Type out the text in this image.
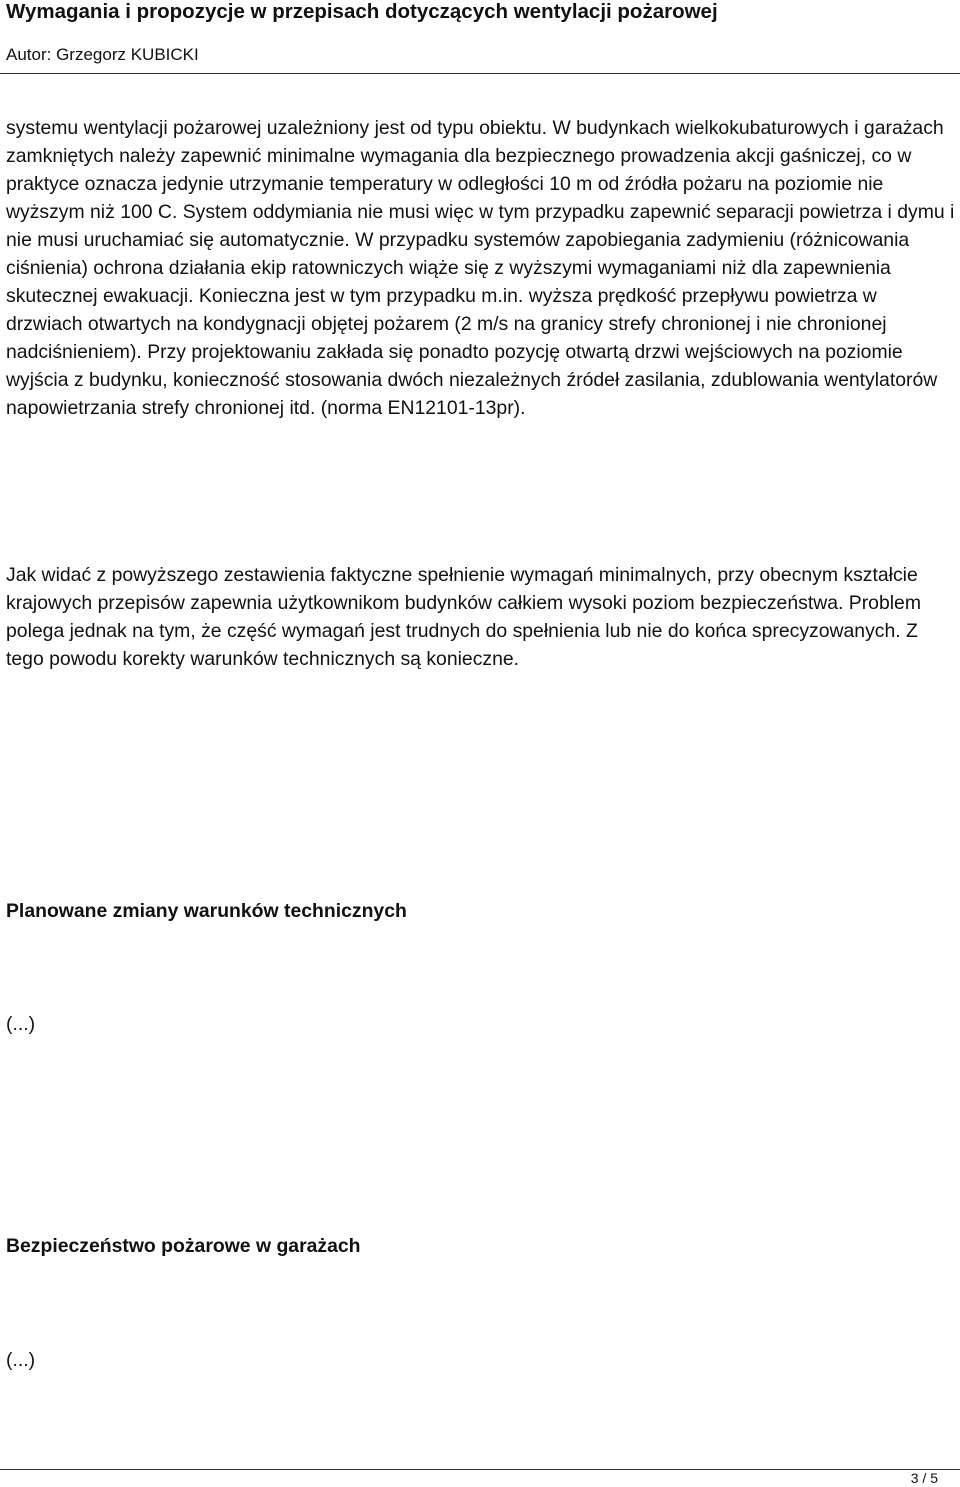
Wymagania i propozycje w przepisach dotyczących wentylacji pożarowej
Autor: Grzegorz KUBICKI

systemu wentylacji pożarowej uzależniony jest od typu obiektu. W budynkach wielkokubaturowych i garażach zamkniętych należy zapewnić minimalne wymagania dla bezpiecznego prowadzenia akcji gaśniczej, co w praktyce oznacza jedynie utrzymanie temperatury w odległości 10 m od źródła pożaru na poziomie nie wyższym niż 100 C. System oddymiania nie musi więc w tym przypadku zapewnić separacji powietrza i dymu i nie musi uruchamiać się automatycznie. W przypadku systemów zapobiegania zadymieniu (różnicowania ciśnienia) ochrona działania ekip ratowniczych wiąże się z wyższymi wymaganiami niż dla zapewnienia skutecznej ewakuacji. Konieczna jest w tym przypadku m.in. wyższa prędkość przepływu powietrza w drzwiach otwartych na kondygnacji objętej pożarem (2 m/s na granicy strefy chronionej i nie chronionej nadciśnieniem). Przy projektowaniu zakłada się ponadto pozycję otwartą drzwi wejściowych na poziomie wyjścia z budynku, konieczność stosowania dwóch niezależnych źródeł zasilania, zdublowania wentylatorów napowietrzania strefy chronionej itd. (norma EN12101-13pr).

Jak widać z powyższego zestawienia faktyczne spełnienie wymagań minimalnych, przy obecnym kształcie krajowych przepisów zapewnia użytkownikom budynków całkiem wysoki poziom bezpieczeństwa. Problem polega jednak na tym, że część wymagań jest trudnych do spełnienia lub nie do końca sprecyzowanych. Z tego powodu korekty warunków technicznych są konieczne.

Planowane zmiany warunków technicznych
(...)
Bezpieczeństwo pożarowe w garażach
(...)
3 / 5
